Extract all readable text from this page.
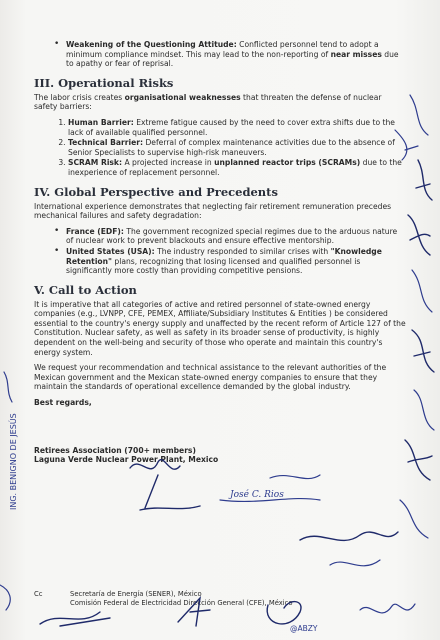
• Weakening of the Questioning Attitude: Conflicted personnel tend to adopt a minimum compliance mindset. This may lead to the non-reporting of near misses due to apathy or fear of reprisal.
III. Operational Risks

The labor crisis creates organisational weaknesses that threaten the defense of nuclear safety barriers:

1. Human Barrier: Extreme fatigue caused by the need to cover extra shifts due to the lack of available qualified personnel.
2. Technical Barrier: Deferral of complex maintenance activities due to the absence of Senior Specialists to supervise high-risk maneuvers.
3. SCRAM Risk: A projected increase in unplanned reactor trips (SCRAMs) due to the inexperience of replacement personnel.
IV. Global Perspective and Precedents

International experience demonstrates that neglecting fair retirement remuneration precedes mechanical failures and safety degradation:

• France (EDF): The government recognized special regimes due to the arduous nature of nuclear work to prevent blackouts and ensure effective mentorship.
• United States (USA): The industry responded to similar crises with "Knowledge Retention" plans, recognizing that losing licensed and qualified personnel is significantly more costly than providing competitive pensions.
V. Call to Action

It is imperative that all categories of active and retired personnel of state-owned energy companies (e.g., LVNPP, CFE, PEMEX, Affiliate/Subsidiary Institutes & Entities ) be considered essential to the country's energy supply and unaffected by the recent reform of Article 127 of the Constitution. Nuclear safety, as well as safety in its broader sense of productivity, is highly dependent on the well-being and security of those who operate and maintain this country's energy system.

We request your recommendation and technical assistance to the relevant authorities of the Mexican government and the Mexican state-owned energy companies to ensure that they maintain the standards of operational excellence demanded by the global industry.

Best regards,

Retirees Association (700+ members)

Laguna Verde Nuclear Power Plant, Mexico

Cc	Secretaría de Energía (SENER), México
Comisión Federal de Electricidad Dirección General (CFE), México
ING. BENIGNO DE JESÚS	José C. Rios
@ABZY
